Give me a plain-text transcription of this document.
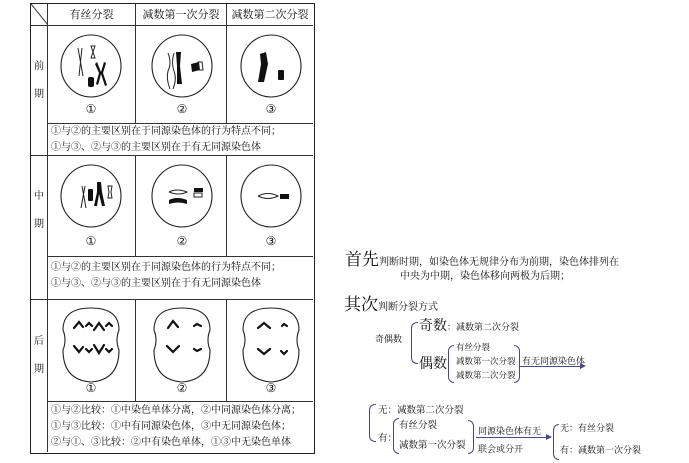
有丝分裂	减数第一次分裂	减数第二次分裂
前
期
①	②	③
①与②的主要区别在于同源染色体的行为特点不同；
①与③、②与③的主要区别在于有无同源染色体
中
期
①	②	③
①与②的主要区别在于同源染色体的行为特点不同；
①与③、②与③的主要区别在于有无同源染色体
后
期
①	②	③
①与②比较：①中染色单体分离，②中同源染色体分离；
①与③比较：①中有同源染色体，③中无同源染色体；
②与①、③比较：②中有染色单体，①③中无染色单体
首先判断时期，如染色体无规律分布为前期，染色体排列在
中央为中期，染色体移向两极为后期；
其次判断分裂方式
奇偶数
奇数：减数第二次分裂
偶数
有丝分裂
减数第一次分裂
减数第二次分裂
有无同源染色体
无：减数第二次分裂
有：
有丝分裂
减数第一次分裂
同源染色体有无
联会或分开
无：有丝分裂
有：减数第一次分裂
